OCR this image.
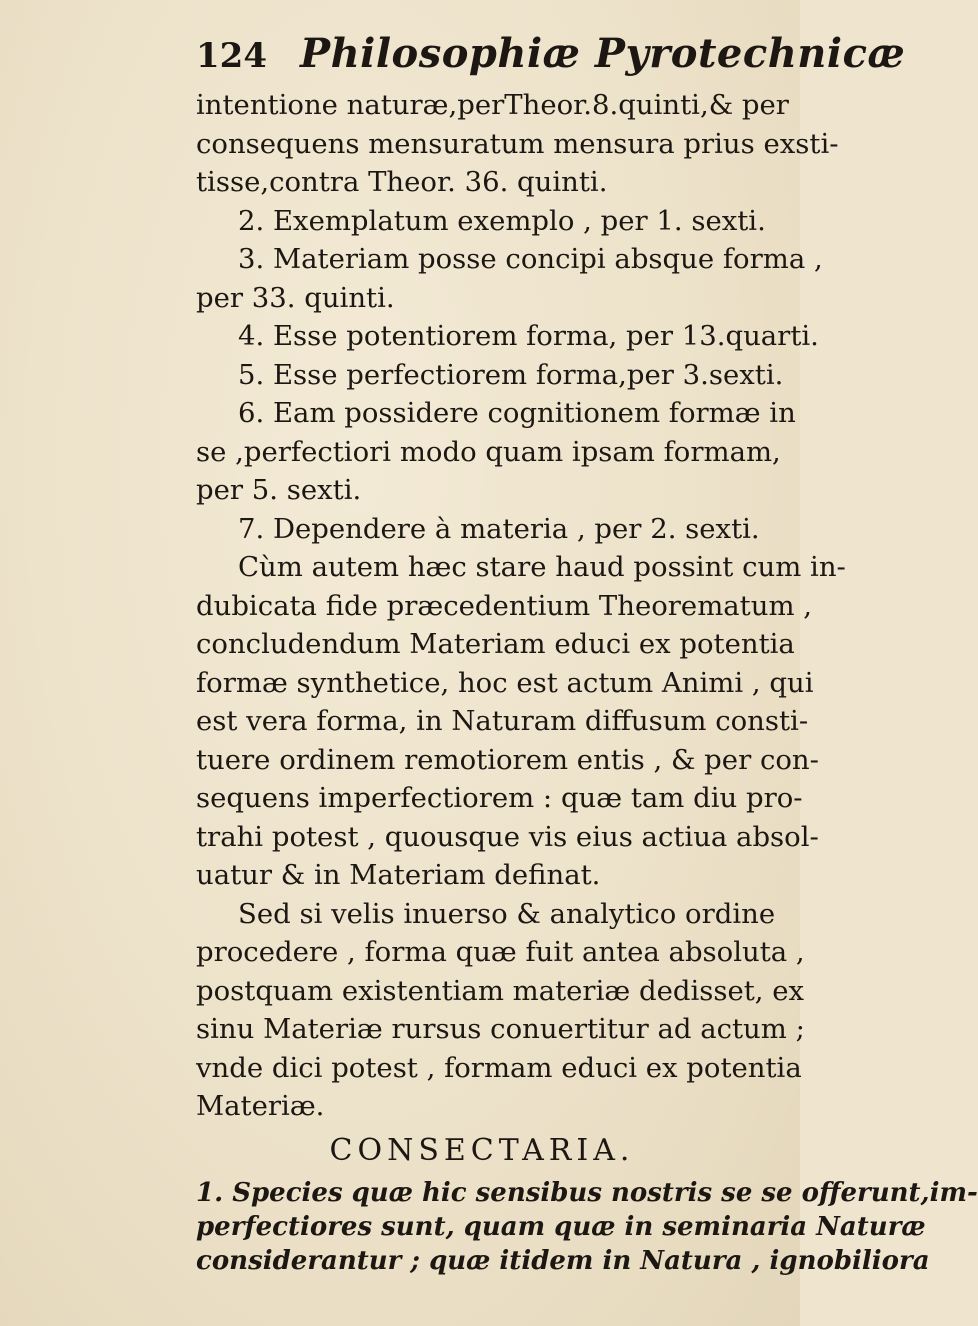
124 Philosophiæ Pyrotechnicæ
intentione naturæ,perTheor.8.quinti,& per
consequens mensuratum mensura prius exsti-
tisse,contra Theor. 36. quinti.
2. Exemplatum exemplo , per 1. sexti.
3. Materiam posse concipi absque forma ,
per 33. quinti.
4. Esse potentiorem forma, per 13.quarti.
5. Esse perfectiorem forma,per 3.sexti.
6. Eam possidere cognitionem formæ in
se ,perfectiori modo quam ipsam formam,
per 5. sexti.
7. Dependere à materia , per 2. sexti.
Cùm autem hæc stare haud possint cum in-
dubicata fide præcedentium Theorematum ,
concludendum Materiam educi ex potentia
formæ synthetice, hoc est actum Animi , qui
est vera forma, in Naturam diffusum consti-
tuere ordinem remotiorem entis , & per con-
sequens imperfectiorem : quæ tam diu pro-
trahi potest , quousque vis eius actiua absol-
uatur & in Materiam definat.
Sed si velis inuerso & analytico ordine
procedere , forma quæ fuit antea absoluta ,
postquam existentiam materiæ dedisset, ex
sinu Materiæ rursus conuertitur ad actum ;
vnde dici potest , formam educi ex potentia
Materiæ.
CONSECTARIA.
1. Species quæ hic sensibus nostris se se offerunt,im-
perfectiores sunt, quam quæ in seminaria Naturæ
considerantur ; quæ itidem in Natura , ignobiliora
